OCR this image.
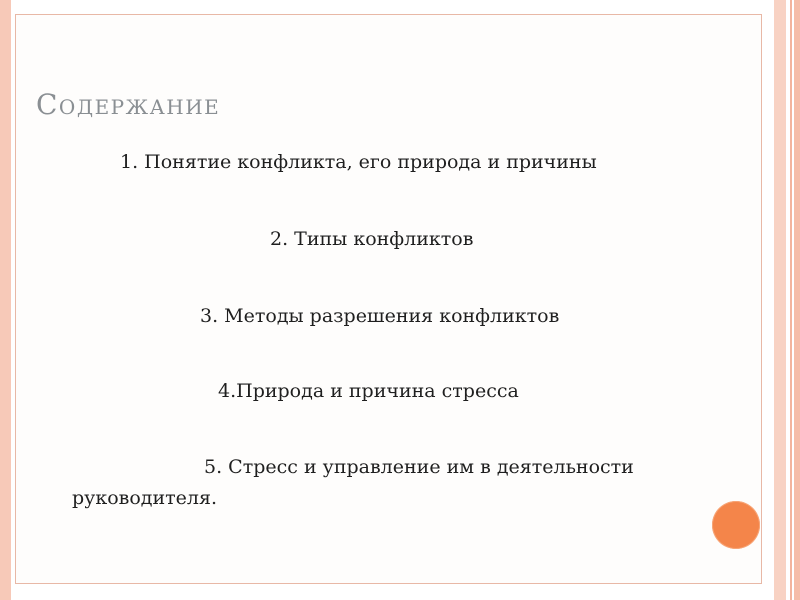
Содержание
1. Понятие конфликта, его природа и причины
2. Типы конфликтов
3. Методы разрешения конфликтов
4.Природа и причина стресса
5. Стресс и управление им в деятельности
руководителя.
